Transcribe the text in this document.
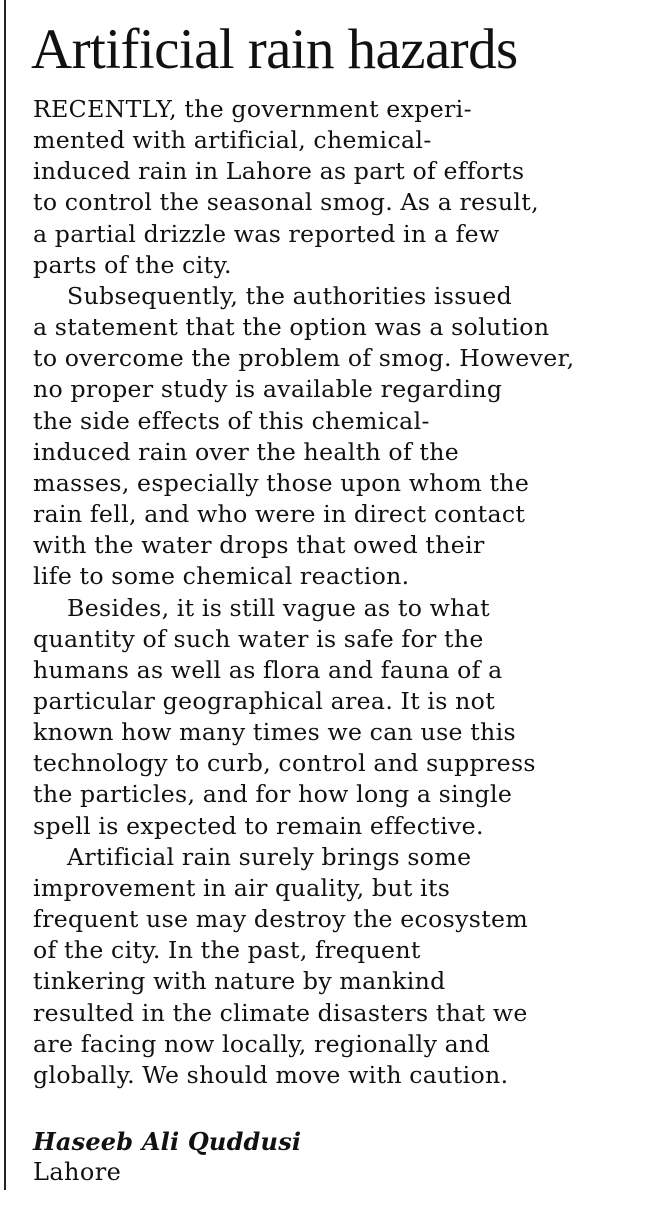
Artificial rain hazards
RECENTLY, the government experi-
mented with artificial, chemical-
induced rain in Lahore as part of efforts
to control the seasonal smog. As a result,
a partial drizzle was reported in a few
parts of the city.
Subsequently, the authorities issued
a statement that the option was a solution
to overcome the problem of smog. However,
no proper study is available regarding
the side effects of this chemical-
induced rain over the health of the
masses, especially those upon whom the
rain fell, and who were in direct contact
with the water drops that owed their
life to some chemical reaction.
Besides, it is still vague as to what
quantity of such water is safe for the
humans as well as flora and fauna of a
particular geographical area. It is not
known how many times we can use this
technology to curb, control and suppress
the particles, and for how long a single
spell is expected to remain effective.
Artificial rain surely brings some
improvement in air quality, but its
frequent use may destroy the ecosystem
of the city. In the past, frequent
tinkering with nature by mankind
resulted in the climate disasters that we
are facing now locally, regionally and
globally. We should move with caution.
Haseeb Ali Quddusi
Lahore
